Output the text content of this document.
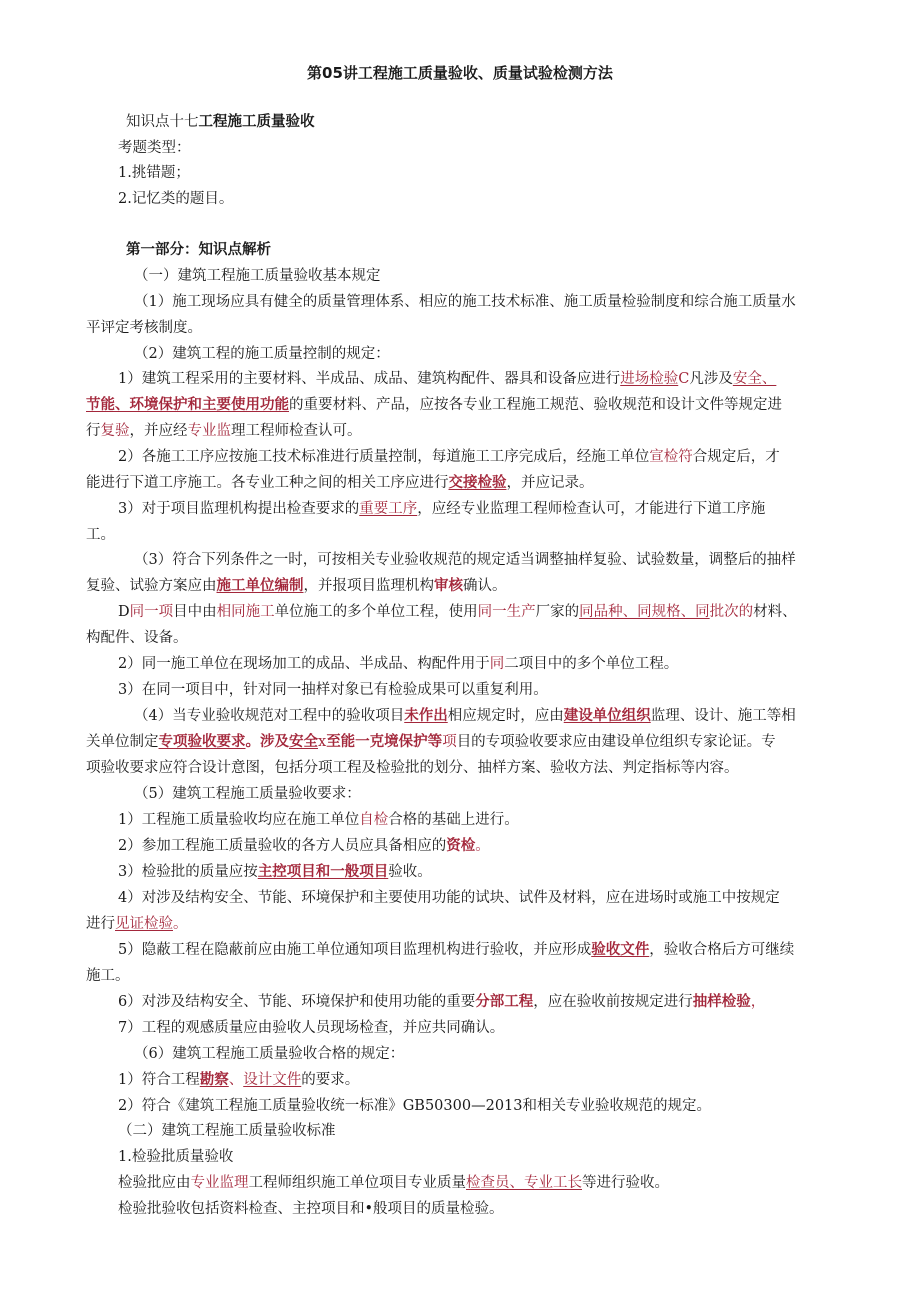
第05讲工程施工质量验收、质量试验检测方法
知识点十七工程施工质量验收
考题类型：
1.挑错题；
2.记忆类的题目。
第一部分：知识点解析
（一）建筑工程施工质量验收基本规定
（1）施工现场应具有健全的质量管理体系、相应的施工技术标准、施工质量检验制度和综合施工质量水
平评定考核制度。
（2）建筑工程的施工质量控制的规定：
1）建筑工程采用的主要材料、半成品、成品、建筑构配件、器具和设备应进行进场检验C凡涉及安全、
节能、环境保护和主要使用功能的重要材料、产品，应按各专业工程施工规范、验收规范和设计文件等规定进
行复验，并应经专业监理工程师检查认可。
2）各施工工序应按施工技术标准进行质量控制，每道施工工序完成后，经施工单位宣检符合规定后，才
能进行下道工序施工。各专业工种之间的相关工序应进行交接检验，并应记录。
3）对于项目监理机构提出检查要求的重要工序，应经专业监理工程师检查认可，才能进行下道工序施
工。
（3）符合下列条件之一时，可按相关专业验收规范的规定适当调整抽样复验、试验数量，调整后的抽样
复验、试验方案应由施工单位编制，并报项目监理机构审核确认。
D同一项目中由相同施工单位施工的多个单位工程，使用同一生产厂家的同品种、同规格、同批次的材料、
构配件、设备。
2）同一施工单位在现场加工的成品、半成品、构配件用于同二项目中的多个单位工程。
3）在同一项目中，针对同一抽样对象已有检验成果可以重复利用。
（4）当专业验收规范对工程中的验收项目未作出相应规定时，应由建设单位组织监理、设计、施工等相
关单位制定专项验收要求。涉及安全x至能一克境保护等项目的专项验收要求应由建设单位组织专家论证。专
项验收要求应符合设计意图，包括分项工程及检验批的划分、抽样方案、验收方法、判定指标等内容。
（5）建筑工程施工质量验收要求：
1）工程施工质量验收均应在施工单位自检合格的基础上进行。
2）参加工程施工质量验收的各方人员应具备相应的资检。
3）检验批的质量应按主控项目和一般项目验收。
4）对涉及结构安全、节能、环境保护和主要使用功能的试块、试件及材料，应在进场时或施工中按规定
进行见证检验。
5）隐蔽工程在隐蔽前应由施工单位通知项目监理机构进行验收，并应形成验收文件，验收合格后方可继续
施工。
6）对涉及结构安全、节能、环境保护和使用功能的重要分部工程，应在验收前按规定进行抽样检验，
7）工程的观感质量应由验收人员现场检查，并应共同确认。
（6）建筑工程施工质量验收合格的规定：
1）符合工程勘察、设计文件的要求。
2）符合《建筑工程施工质量验收统一标准》GB50300—2013和相关专业验收规范的规定。
（二）建筑工程施工质量验收标准
1.检验批质量验收
检验批应由专业监理工程师组织施工单位项目专业质量检查员、专业工长等进行验收。
检验批验收包括资料检查、主控项目和•般项目的质量检验。
